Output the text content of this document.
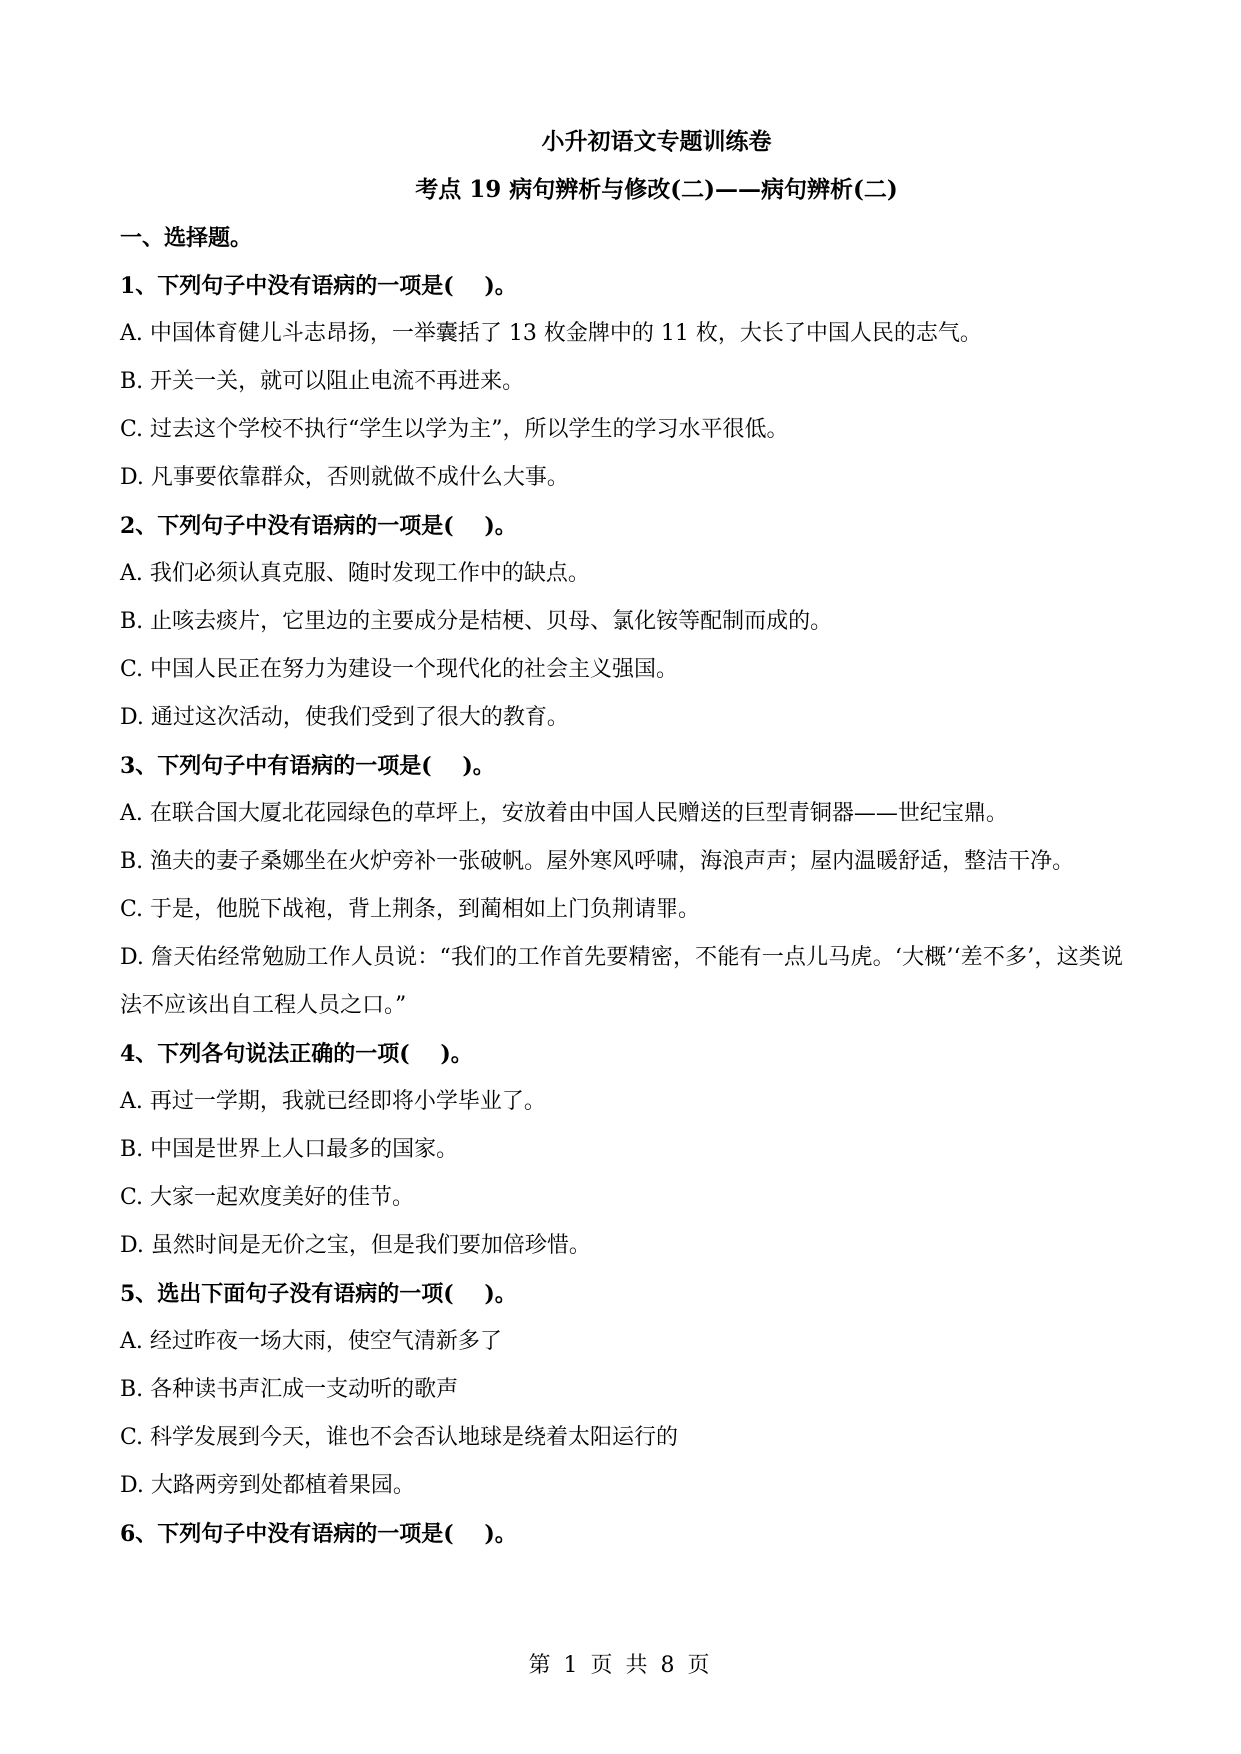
小升初语文专题训练卷
考点 19 病句辨析与修改(二)——病句辨析(二)
一、选择题。
1、下列句子中没有语病的一项是(    )。
A. 中国体育健儿斗志昂扬，一举囊括了 13 枚金牌中的 11 枚，大长了中国人民的志气。
B. 开关一关，就可以阻止电流不再进来。
C. 过去这个学校不执行“学生以学为主”，所以学生的学习水平很低。
D. 凡事要依靠群众，否则就做不成什么大事。
2、下列句子中没有语病的一项是(    )。
A. 我们必须认真克服、随时发现工作中的缺点。
B. 止咳去痰片，它里边的主要成分是桔梗、贝母、氯化铵等配制而成的。
C. 中国人民正在努力为建设一个现代化的社会主义强国。
D. 通过这次活动，使我们受到了很大的教育。
3、下列句子中有语病的一项是(    )。
A. 在联合国大厦北花园绿色的草坪上，安放着由中国人民赠送的巨型青铜器——世纪宝鼎。
B. 渔夫的妻子桑娜坐在火炉旁补一张破帆。屋外寒风呼啸，海浪声声；屋内温暖舒适，整洁干净。
C. 于是，他脱下战袍，背上荆条，到蔺相如上门负荆请罪。
D. 詹天佑经常勉励工作人员说：“我们的工作首先要精密，不能有一点儿马虎。‘大概’‘差不多’，这类说法不应该出自工程人员之口。”
4、下列各句说法正确的一项(    )。
A. 再过一学期，我就已经即将小学毕业了。
B. 中国是世界上人口最多的国家。
C. 大家一起欢度美好的佳节。
D. 虽然时间是无价之宝，但是我们要加倍珍惜。
5、选出下面句子没有语病的一项(    )。
A. 经过昨夜一场大雨，使空气清新多了
B. 各种读书声汇成一支动听的歌声
C. 科学发展到今天，谁也不会否认地球是绕着太阳运行的
D. 大路两旁到处都植着果园。
6、下列句子中没有语病的一项是(    )。
第 1 页 共 8 页
